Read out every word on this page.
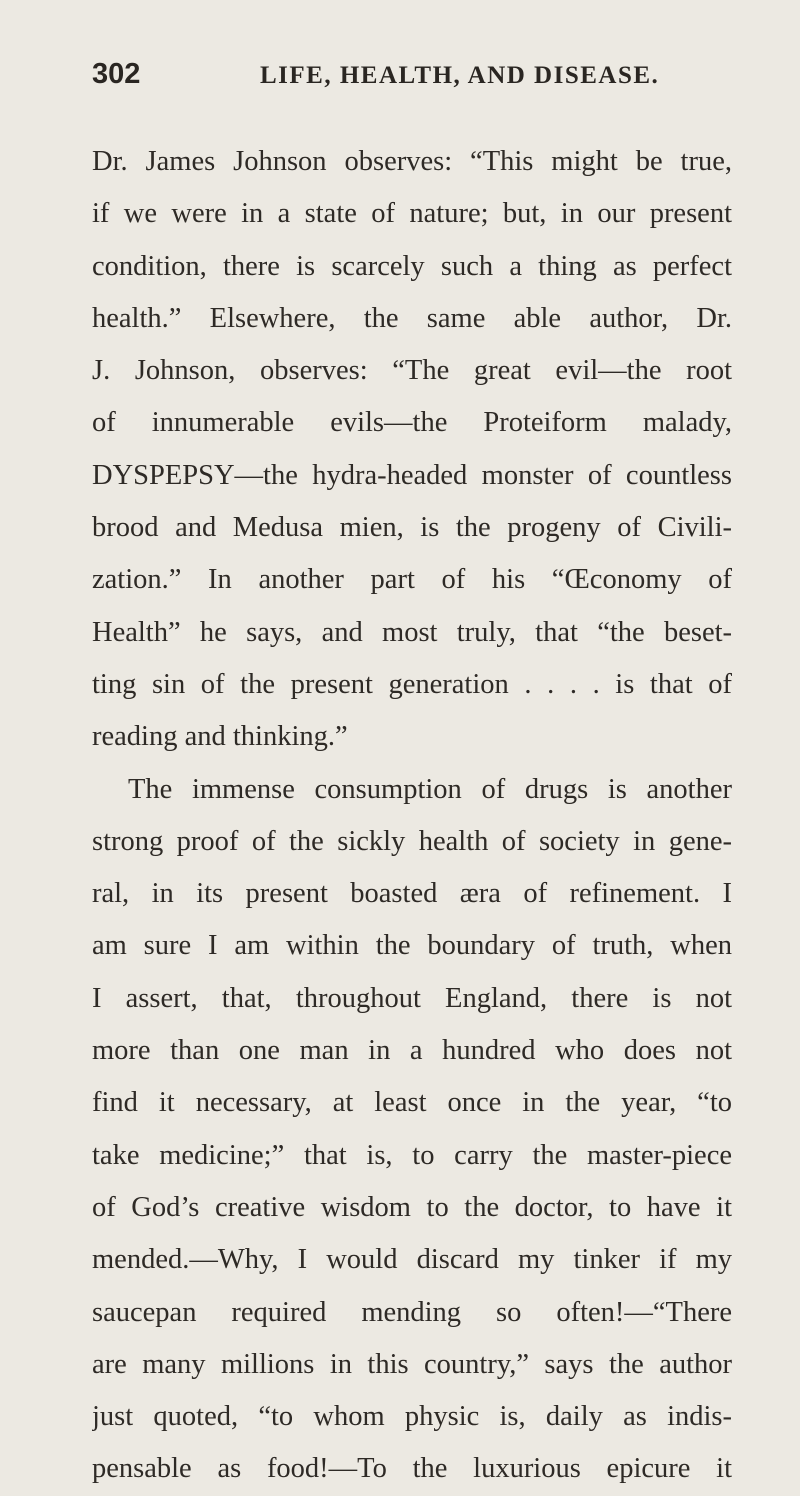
302	LIFE, HEALTH, AND DISEASE.
Dr. James Johnson observes: “This might be true,
if we were in a state of nature; but, in our present
condition, there is scarcely such a thing as perfect
health.” Elsewhere, the same able author, Dr.
J. Johnson, observes: “The great evil—the root
of innumerable evils—the Proteiform malady,
DYSPEPSY—the hydra-headed monster of countless
brood and Medusa mien, is the progeny of Civili-
zation.” In another part of his “Œconomy of
Health” he says, and most truly, that “the beset-
ting sin of the present generation . . . . is that of
reading and thinking.”
The immense consumption of drugs is another
strong proof of the sickly health of society in gene-
ral, in its present boasted æra of refinement. I
am sure I am within the boundary of truth, when
I assert, that, throughout England, there is not
more than one man in a hundred who does not
find it necessary, at least once in the year, “to
take medicine;” that is, to carry the master-piece
of God’s creative wisdom to the doctor, to have it
mended.—Why, I would discard my tinker if my
saucepan required mending so often!—“There
are many millions in this country,” says the author
just quoted, “to whom physic is, daily as indis-
pensable as food!—To the luxurious epicure it
